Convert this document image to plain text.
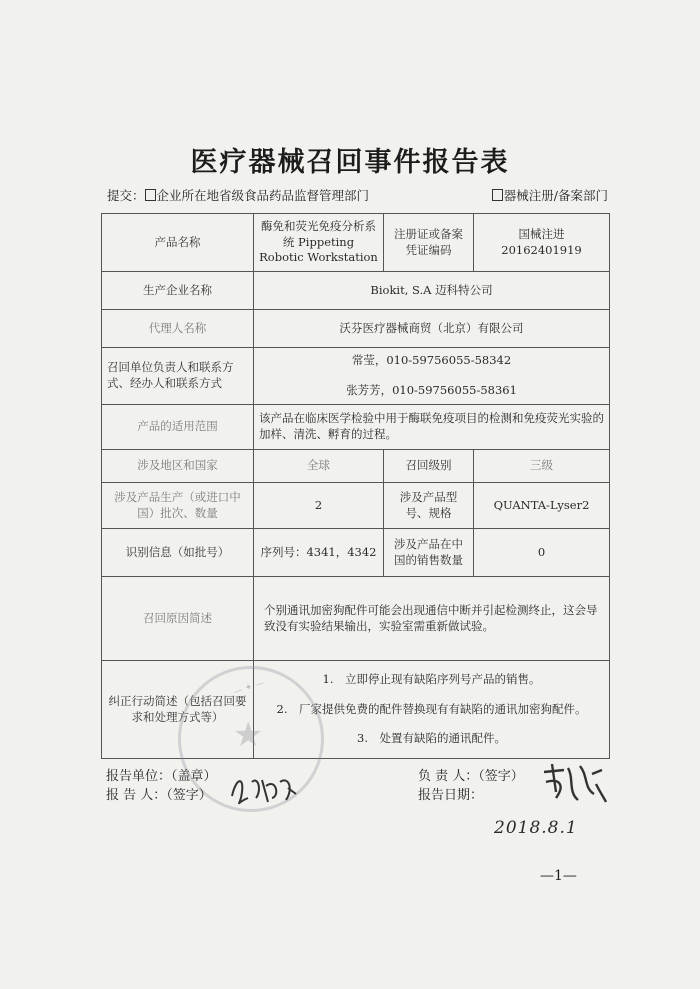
医疗器械召回事件报告表
提交： 企业所在地省级食品药品监督管理部门	器械注册/备案部门
产品名称	酶免和荧光免疫分析系统 Pippeting Robotic Workstation	注册证或备案凭证编码	国械注进 20162401919
生产企业名称	Biokit, S.A 迈科特公司		
代理人名称	沃芬医疗器械商贸（北京）有限公司		
召回单位负责人和联系方式、经办人和联系方式	常莹，010-59756055-58342
张芳芳，010-59756055-58361		

产品的适用范围	该产品在临床医学检验中用于酶联免疫项目的检测和免疫荧光实验的加样、清洗、孵育的过程。		
涉及地区和国家	全球	召回级别	三级
涉及产品生产（或进口中国）批次、数量	2	涉及产品型号、规格	QUANTA-Lyser2
识别信息（如批号）	序列号：4341，4342	涉及产品在中国的销售数量	0
召回原因简述	个别通讯加密狗配件可能会出现通信中断并引起检测终止，这会导致没有实验结果输出，实验室需重新做试验。		
纠正行动简述（包括召回要求和处理方式等）	1.　立即停止现有缺陷序列号产品的销售。
2.　厂家提供免费的配件替换现有有缺陷的通讯加密狗配件。
3.　处置有缺陷的通讯配件。		
★
— ✦ —
报告单位：（盖章）
报 告 人：（签字）
负 责 人：（签字）
报告日期：
2018.8.1
—1—
